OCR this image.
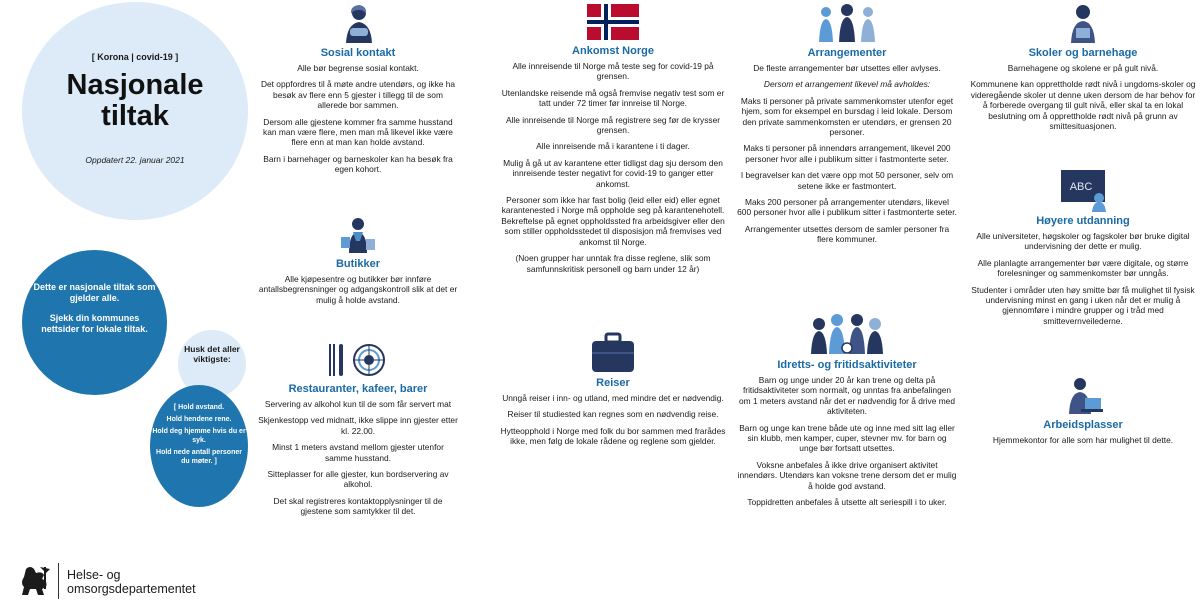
[ Korona | covid-19 ]
Nasjonale
tiltak
Oppdatert 22. januar 2021

Dette er nasjonale tiltak som gjelder alle.

Sjekk din kommunes nettsider for lokale tiltak.

Husk det aller viktigste:

[ Hold avstand.

Hold hendene rene.

Hold deg hjemme hvis du er syk.

Hold nede antall personer du møter. ]

Sosial kontakt
Alle bør begrense sosial kontakt.
Det oppfordres til å møte andre utendørs, og ikke ha besøk av flere enn 5 gjester i tillegg til de som allerede bor sammen.
Dersom alle gjestene kommer fra samme husstand kan man være flere, men man må likevel ikke være flere enn at man kan holde avstand.
Barn i barnehager og barneskoler kan ha besøk fra egen kohort.
Butikker
Alle kjøpesentre og butikker bør innføre antallsbegrensninger og adgangskontroll slik at det er mulig å holde avstand.
Restauranter, kafeer, barer
Servering av alkohol kun til de som får servert mat
Skjenkestopp ved midnatt, ikke slippe inn gjester etter kl. 22.00.
Minst 1 meters avstand mellom gjester utenfor samme husstand.
Sitteplasser for alle gjester, kun bordservering av alkohol.
Det skal registreres kontaktopplysninger til de gjestene som samtykker til det.
Ankomst Norge
Alle innreisende til Norge må teste seg for covid-19 på grensen.
Utenlandske reisende må også fremvise negativ test som er tatt under 72 timer før innreise til Norge.
Alle innreisende til Norge må registrere seg før de krysser grensen.
Alle innreisende må i karantene i ti dager.
Mulig å gå ut av karantene etter tidligst dag sju dersom den innreisende tester negativt for covid-19 to ganger etter ankomst.
Personer som ikke har fast bolig (leid eller eid) eller egnet karantenested i Norge må oppholde seg på karantenehotell. Bekreftelse på egnet oppholdssted fra arbeidsgiver eller den som stiller oppholdsstedet til disposisjon må fremvises ved ankomst til Norge.
(Noen grupper har unntak fra disse reglene, slik som samfunnskritisk personell og barn under 12 år)
Reiser
Unngå reiser i inn- og utland, med mindre det er nødvendig.
Reiser til studiested kan regnes som en nødvendig reise.
Hytteopphold i Norge med folk du bor sammen med frarådes ikke, men følg de lokale rådene og reglene som gjelder.
Arrangementer
De fleste arrangementer bør utsettes eller avlyses.
Dersom et arrangement likevel må avholdes:
Maks ti personer på private sammenkomster utenfor eget hjem, som for eksempel en bursdag i leid lokale. Dersom den private sammenkomsten er utendørs, er grensen 20 personer.
Maks ti personer på innendørs arrangement, likevel 200 personer hvor alle i publikum sitter i fastmonterte seter.
I begravelser kan det være opp mot 50 personer, selv om setene ikke er fastmontert.
Maks 200 personer på arrangementer utendørs, likevel 600 personer hvor alle i publikum sitter i fastmonterte seter.
Arrangementer utsettes dersom de samler personer fra flere kommuner.
Idretts- og fritidsaktiviteter
Barn og unge under 20 år kan trene og delta på fritidsaktiviteter som normalt, og unntas fra anbefalingen om 1 meters avstand når det er nødvendig for å drive med aktiviteten.
Barn og unge kan trene både ute og inne med sitt lag eller sin klubb, men kamper, cuper, stevner mv. for barn og unge bør fortsatt utsettes.
Voksne anbefales å ikke drive organisert aktivitet innendørs. Utendørs kan voksne trene dersom det er mulig å holde god avstand.
Toppidretten anbefales å utsette alt seriespill i to uker.
Skoler og barnehage
Barnehagene og skolene er på gult nivå.
Kommunene kan opprettholde rødt nivå i ungdoms-skoler og videregående skoler ut denne uken dersom de har behov for å forberede overgang til gult nivå, eller skal ta en lokal beslutning om å opprettholde rødt nivå på grunn av smittesituasjonen.
ABC
Høyere utdanning
Alle universiteter, høgskoler og fagskoler bør bruke digital undervisning der dette er mulig.
Alle planlagte arrangementer bør være digitale, og større forelesninger og sammenkomster bør unngås.
Studenter i områder uten høy smitte bør få mulighet til fysisk undervisning minst en gang i uken når det er mulig å gjennomføre i mindre grupper og i tråd med smittevernveilederne.
Arbeidsplasser
Hjemmekontor for alle som har mulighet til dette.
Helse- og
omsorgsdepartementet
